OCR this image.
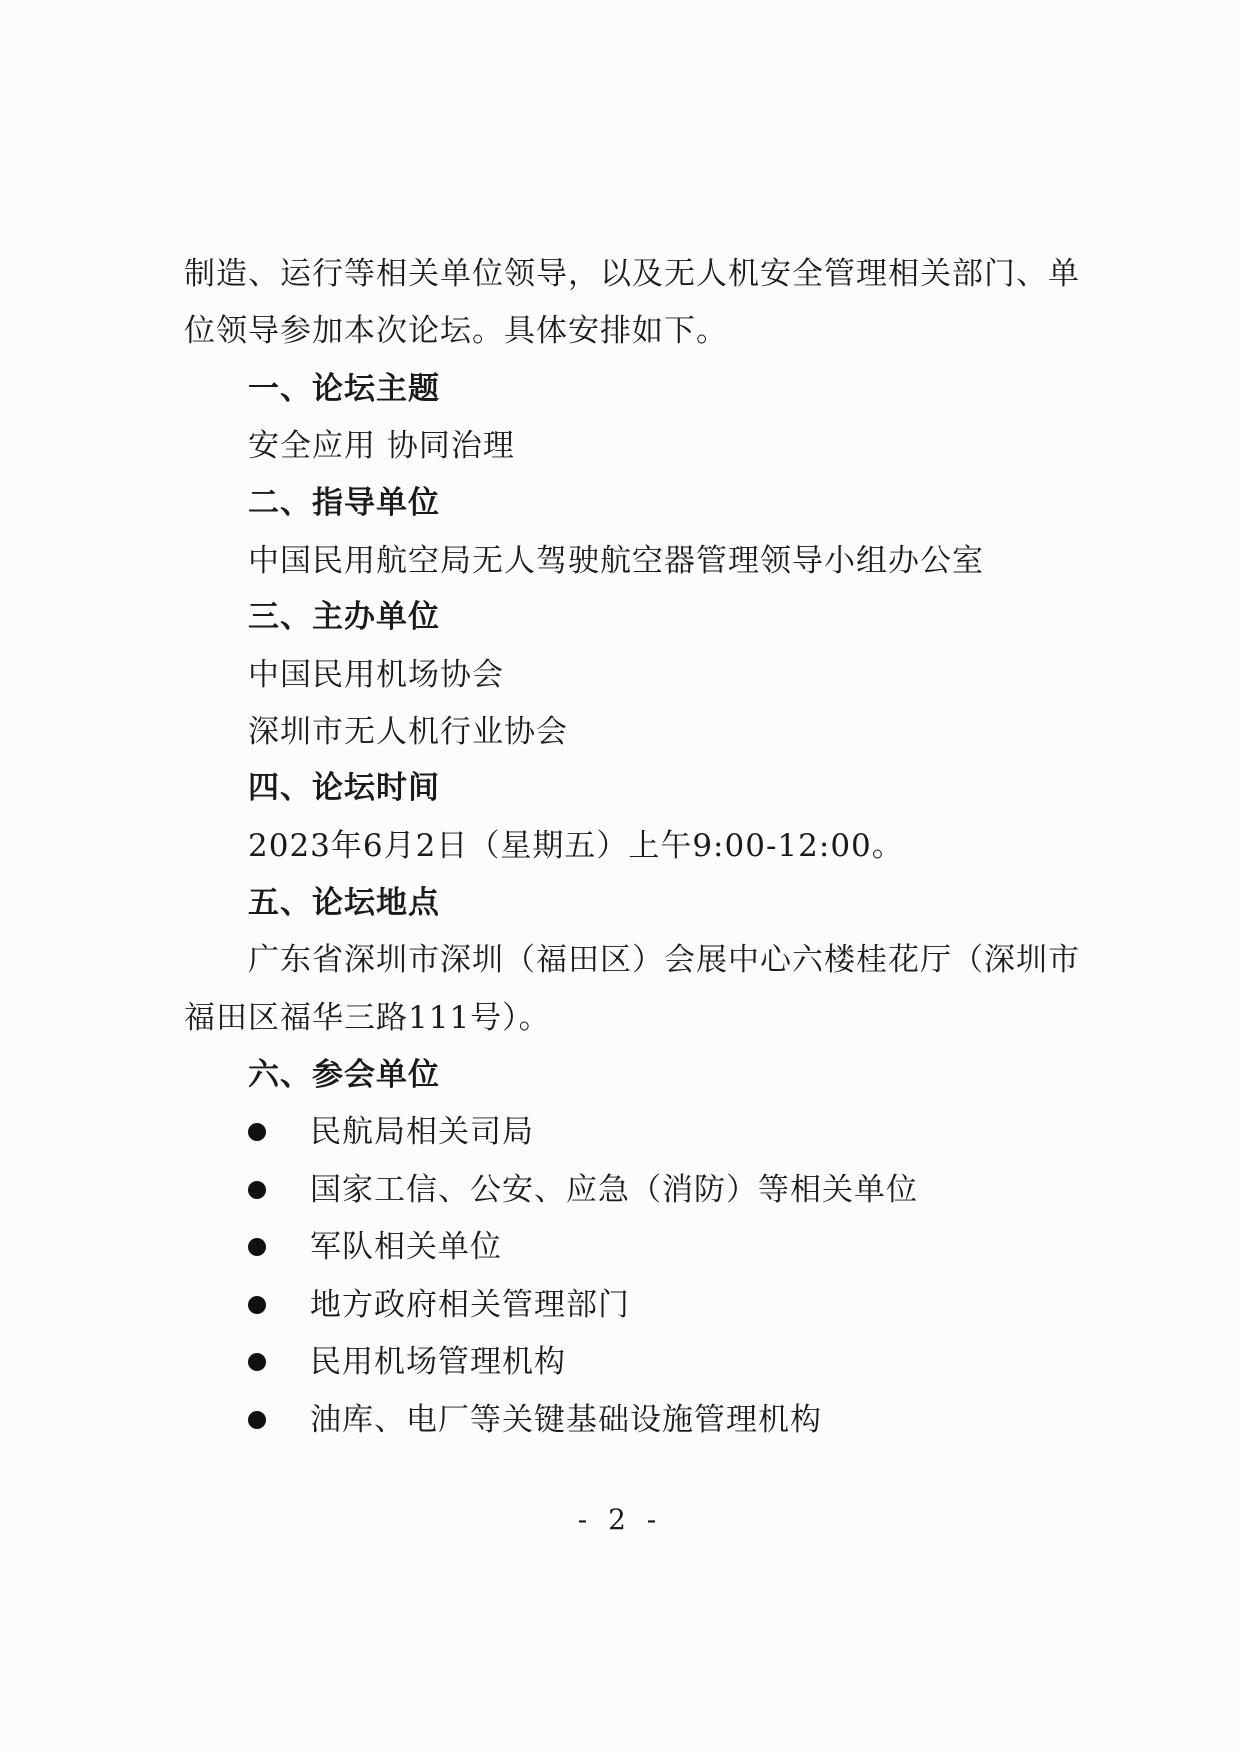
制造、运行等相关单位领导，以及无人机安全管理相关部门、单
位领导参加本次论坛。具体安排如下。
一、论坛主题
安全应用 协同治理
二、指导单位
中国民用航空局无人驾驶航空器管理领导小组办公室
三、主办单位
中国民用机场协会
深圳市无人机行业协会
四、论坛时间
2023年6月2日（星期五）上午9:00-12:00。
五、论坛地点
广东省深圳市深圳（福田区）会展中心六楼桂花厅（深圳市
福田区福华三路111号）。
六、参会单位
民航局相关司局
国家工信、公安、应急（消防）等相关单位
军队相关单位
地方政府相关管理部门
民用机场管理机构
油库、电厂等关键基础设施管理机构
- 2 -
